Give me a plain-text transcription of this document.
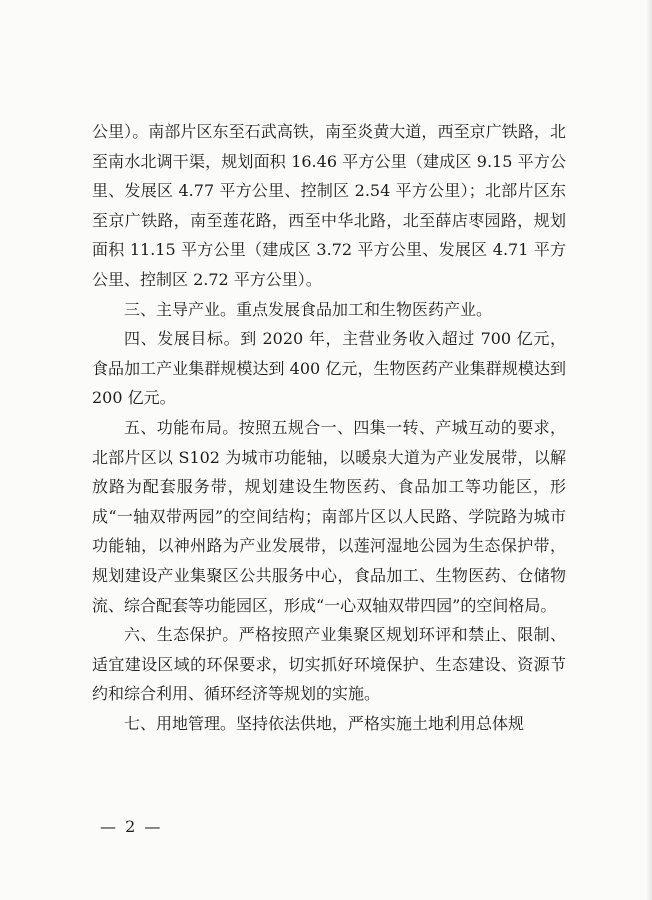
公里）。南部片区东至石武高铁，南至炎黄大道，西至京广铁路，北至南水北调干渠，规划面积 16.46 平方公里（建成区 9.15 平方公里、发展区 4.77 平方公里、控制区 2.54 平方公里）；北部片区东至京广铁路，南至莲花路，西至中华北路，北至薛店枣园路，规划面积 11.15 平方公里（建成区 3.72 平方公里、发展区 4.71 平方公里、控制区 2.72 平方公里）。

三、主导产业。重点发展食品加工和生物医药产业。

四、发展目标。到 2020 年，主营业务收入超过 700 亿元，食品加工产业集群规模达到 400 亿元，生物医药产业集群规模达到 200 亿元。

五、功能布局。按照五规合一、四集一转、产城互动的要求，北部片区以 S102 为城市功能轴，以暖泉大道为产业发展带，以解放路为配套服务带，规划建设生物医药、食品加工等功能区，形成“一轴双带两园”的空间结构；南部片区以人民路、学院路为城市功能轴，以神州路为产业发展带，以莲河湿地公园为生态保护带，规划建设产业集聚区公共服务中心，食品加工、生物医药、仓储物流、综合配套等功能园区，形成“一心双轴双带四园”的空间格局。

六、生态保护。严格按照产业集聚区规划环评和禁止、限制、适宜建设区域的环保要求，切实抓好环境保护、生态建设、资源节约和综合利用、循环经济等规划的实施。

七、用地管理。坚持依法供地，严格实施土地利用总体规

— 2 —
